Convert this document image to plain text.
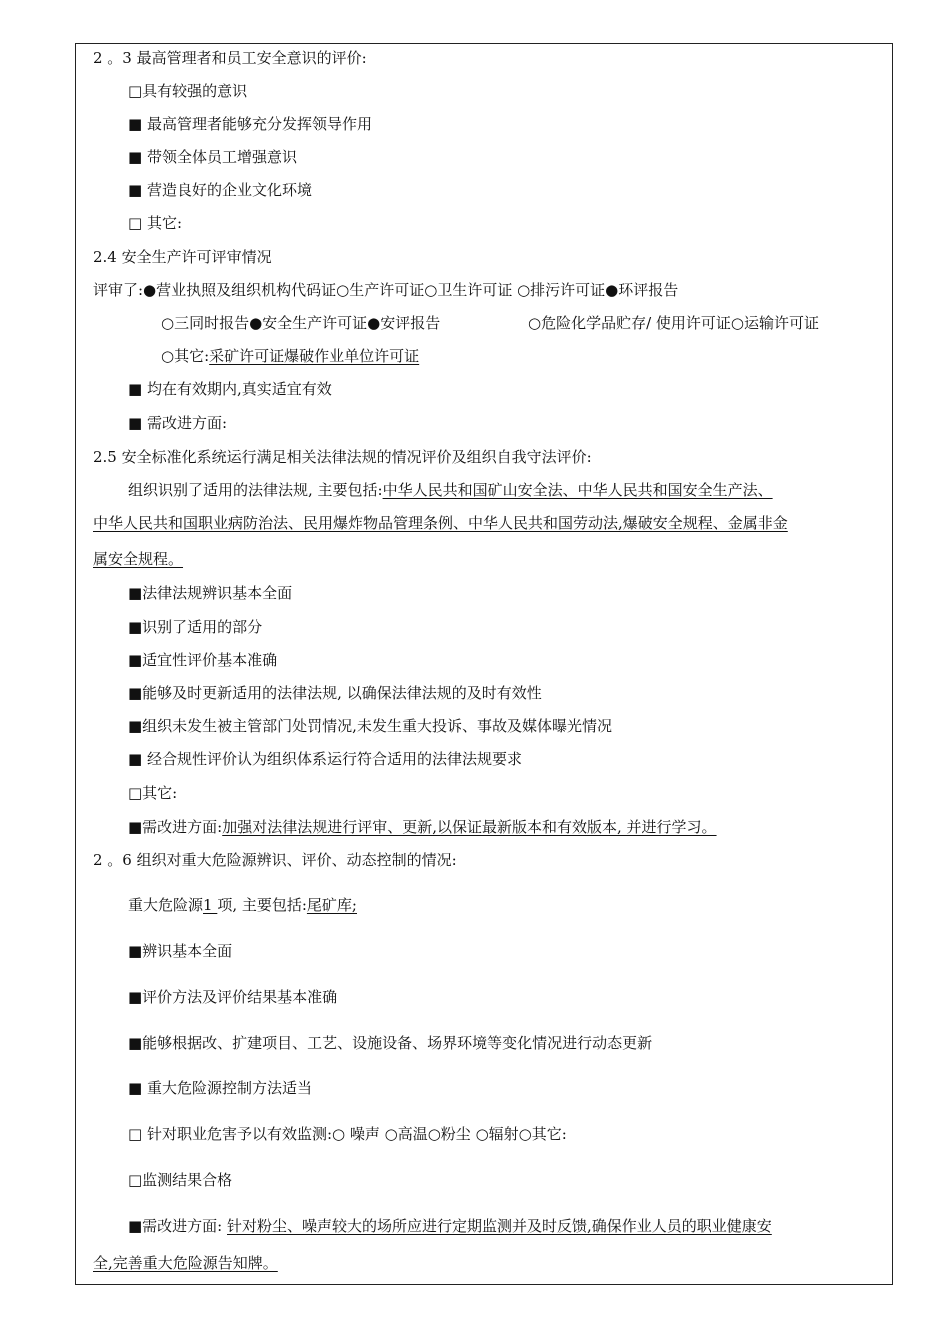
2 。3 最高管理者和员工安全意识的评价:
□具有较强的意识
■ 最高管理者能够充分发挥领导作用
■ 带领全体员工增强意识
■ 营造良好的企业文化环境
□ 其它:
2.4 安全生产许可评审情况
评审了:●营业执照及组织机构代码证○生产许可证○卫生许可证 ○排污许可证●环评报告
○三同时报告●安全生产许可证●安评报告	○危险化学品贮存/ 使用许可证○运输许可证
○其它:采矿许可证爆破作业单位许可证
■ 均在有效期内,真实适宜有效
■ 需改进方面:
2.5 安全标准化系统运行满足相关法律法规的情况评价及组织自我守法评价:
组织识别了适用的法律法规, 主要包括:中华人民共和国矿山安全法、中华人民共和国安全生产法、
中华人民共和国职业病防治法、民用爆炸物品管理条例、中华人民共和国劳动法,爆破安全规程、金属非金
属安全规程。
■法律法规辨识基本全面
■识别了适用的部分
■适宜性评价基本准确
■能够及时更新适用的法律法规, 以确保法律法规的及时有效性
■组织未发生被主管部门处罚情况,未发生重大投诉、事故及媒体曝光情况
■ 经合规性评价认为组织体系运行符合适用的法律法规要求
□其它:
■需改进方面:加强对法律法规进行评审、更新,以保证最新版本和有效版本, 并进行学习。
2 。6 组织对重大危险源辨识、评价、动态控制的情况:
重大危险源1 项, 主要包括:尾矿库;
■辨识基本全面
■评价方法及评价结果基本准确
■能够根据改、扩建项目、工艺、设施设备、场界环境等变化情况进行动态更新
■ 重大危险源控制方法适当
□ 针对职业危害予以有效监测:○ 噪声 ○高温○粉尘 ○辐射○其它:
□监测结果合格
■需改进方面: 针对粉尘、噪声较大的场所应进行定期监测并及时反馈,确保作业人员的职业健康安
全,完善重大危险源告知牌。
